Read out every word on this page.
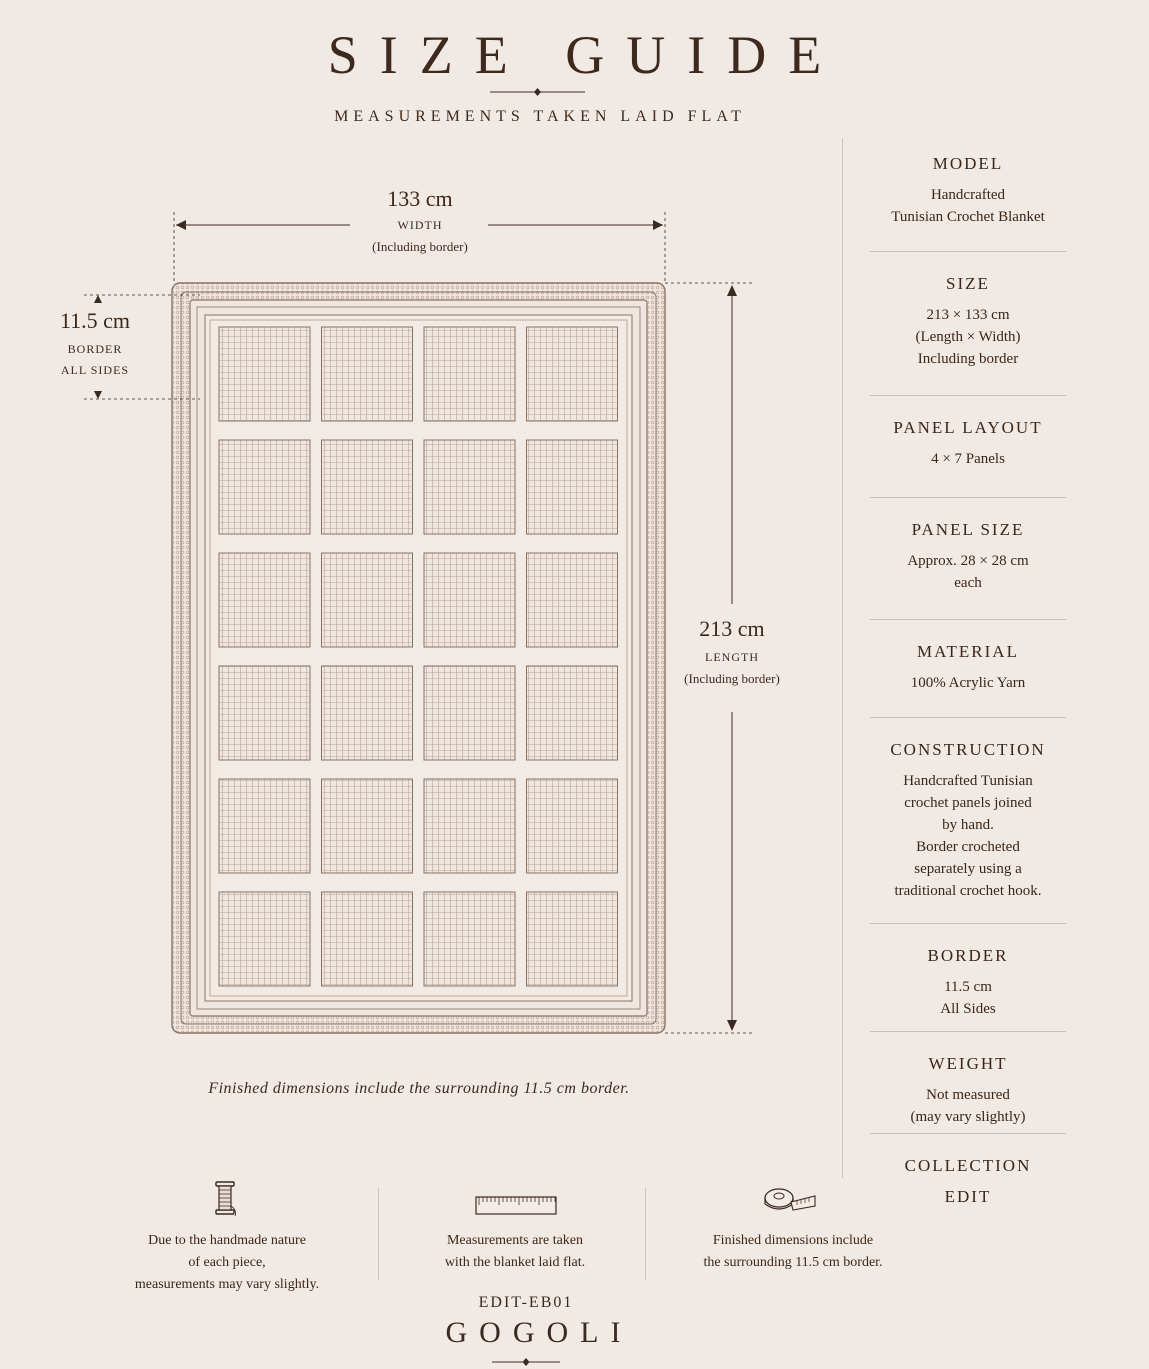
SIZE GUIDE
MEASUREMENTS TAKEN LAID FLAT
133 cm
WIDTH
(Including border)
213 cm
LENGTH
(Including border)
11.5 cm
BORDER
ALL SIDES
Finished dimensions include the surrounding 11.5 cm border.
MODEL
Handcrafted
Tunisian Crochet Blanket
SIZE
213 × 133 cm
(Length × Width)
Including border
PANEL LAYOUT
4 × 7 Panels
PANEL SIZE
Approx. 28 × 28 cm
each
MATERIAL
100% Acrylic Yarn
CONSTRUCTION
Handcrafted Tunisian
crochet panels joined
by hand.
Border crocheted
separately using a
traditional crochet hook.
BORDER
11.5 cm
All Sides
WEIGHT
Not measured
(may vary slightly)
COLLECTION
EDIT
Due to the handmade nature
of each piece,
measurements may vary slightly.
Measurements are taken
with the blanket laid flat.
Finished dimensions include
the surrounding 11.5 cm border.
EDIT-EB01
GOGOLI
